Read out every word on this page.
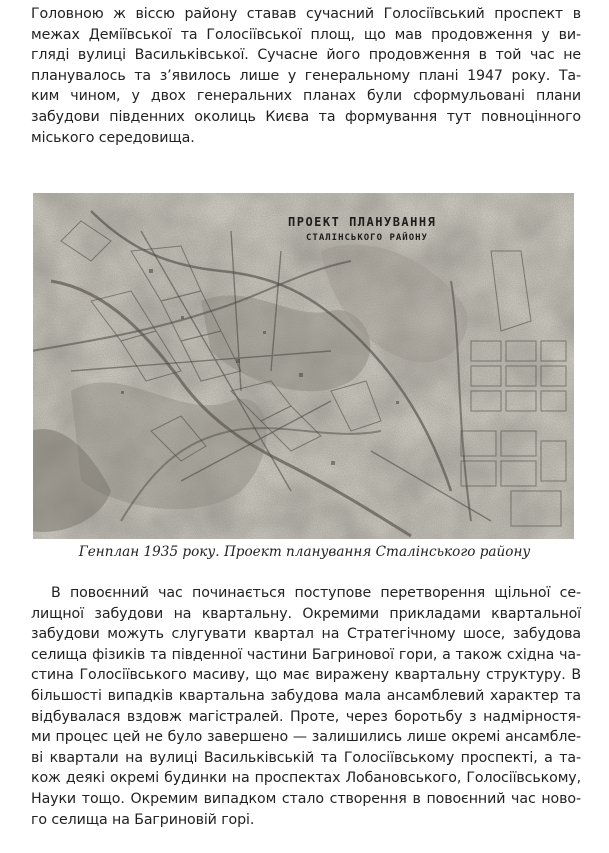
Головною ж віссю району ставав сучасний Голосіївський проспект в
межах Деміївської та Голосіївської площ, що мав продовження у ви-
гляді вулиці Васильківської. Сучасне його продовження в той час не
планувалось та з’явилось лише у генеральному плані 1947 року. Та-
ким чином, у двох генеральних планах були сформульовані плани
забудови південних околиць Києва та формування тут повноцінного
міського середовища.
ПРОЕКТ ПЛАНУВАННЯ
СТАЛІНСЬКОГО РАЙОНУ
Генплан 1935 року. Проект планування Сталінського району
В повоєнний час починається поступове перетворення щільної се-
лищної забудови на квартальну. Окремими прикладами квартальної
забудови можуть слугувати квартал на Стратегічному шосе, забудова
селища фізиків та південної частини Багринової гори, а також східна ча-
стина Голосіївського масиву, що має виражену квартальну структуру. В
більшості випадків квартальна забудова мала ансамблевий характер та
відбувалася вздовж магістралей. Проте, через боротьбу з надмірностя-
ми процес цей не було завершено — залишились лише окремі ансамбле-
ві квартали на вулиці Васильківській та Голосіївському проспекті, а та-
кож деякі окремі будинки на проспектах Лобановського, Голосіївському,
Науки тощо. Окремим випадком стало створення в повоєнний час ново-
го селища на Багриновій горі.
